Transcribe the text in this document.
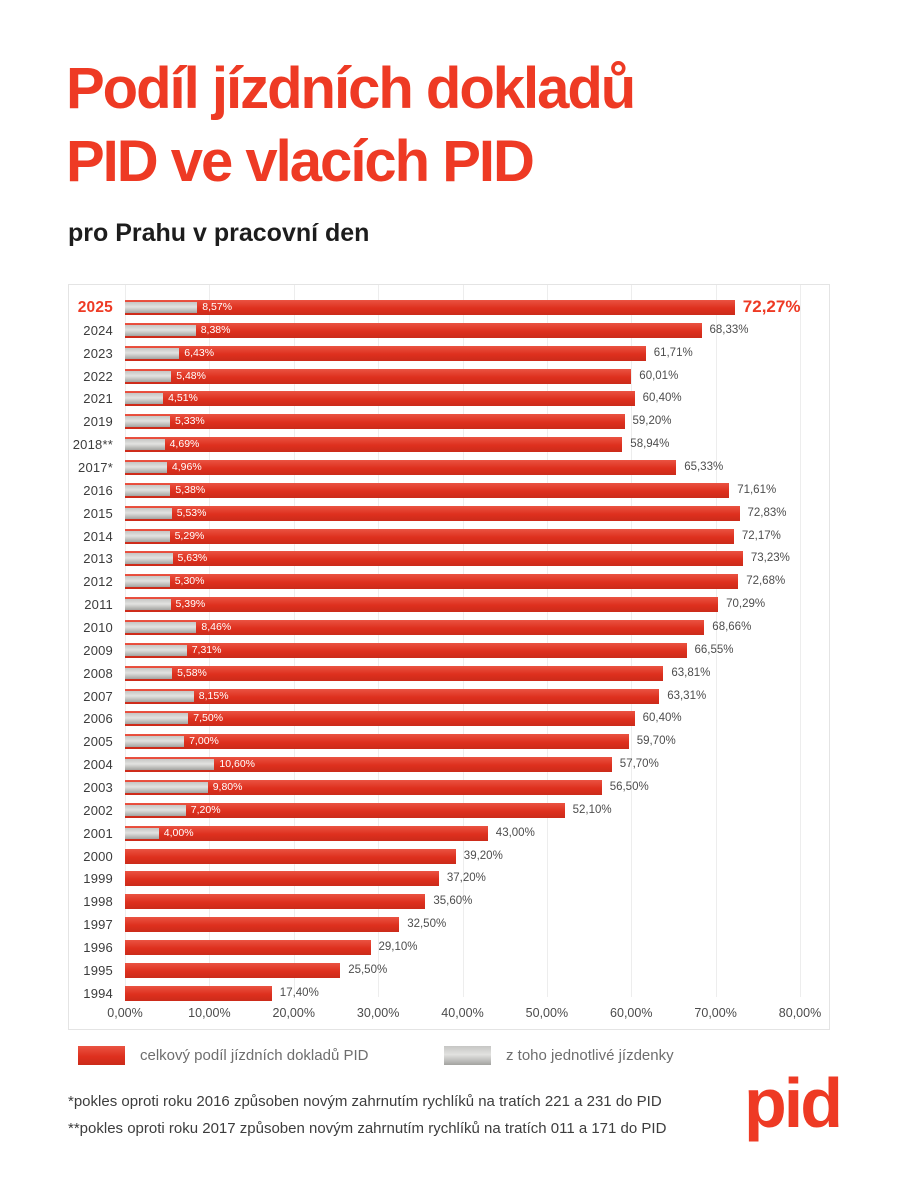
Podíl jízdních dokladů
PID ve vlacích PID
pro Prahu v pracovní den
2025	8,57%	72,27%
2024	8,38%	68,33%
2023	6,43%	61,71%
2022	5,48%	60,01%
2021	4,51%	60,40%
2019	5,33%	59,20%
2018**	4,69%	58,94%
2017*	4,96%	65,33%
2016	5,38%	71,61%
2015	5,53%	72,83%
2014	5,29%	72,17%
2013	5,63%	73,23%
2012	5,30%	72,68%
2011	5,39%	70,29%
2010	8,46%	68,66%
2009	7,31%	66,55%
2008	5,58%	63,81%
2007	8,15%	63,31%
2006	7,50%	60,40%
2005	7,00%	59,70%
2004	10,60%	57,70%
2003	9,80%	56,50%
2002	7,20%	52,10%
2001	4,00%	43,00%
2000	39,20%
1999	37,20%
1998	35,60%
1997	32,50%
1996	29,10%
1995	25,50%
1994	17,40%
0,00%	10,00%	20,00%	30,00%	40,00%	50,00%	60,00%	70,00%	80,00%
celkový podíl jízdních dokladů PID	z toho jednotlivé jízdenky
*pokles oproti roku 2016 způsoben novým zahrnutím rychlíků na tratích 221 a 231 do PID
**pokles oproti roku 2017 způsoben novým zahrnutím rychlíků na tratích 011 a 171 do PID pid
